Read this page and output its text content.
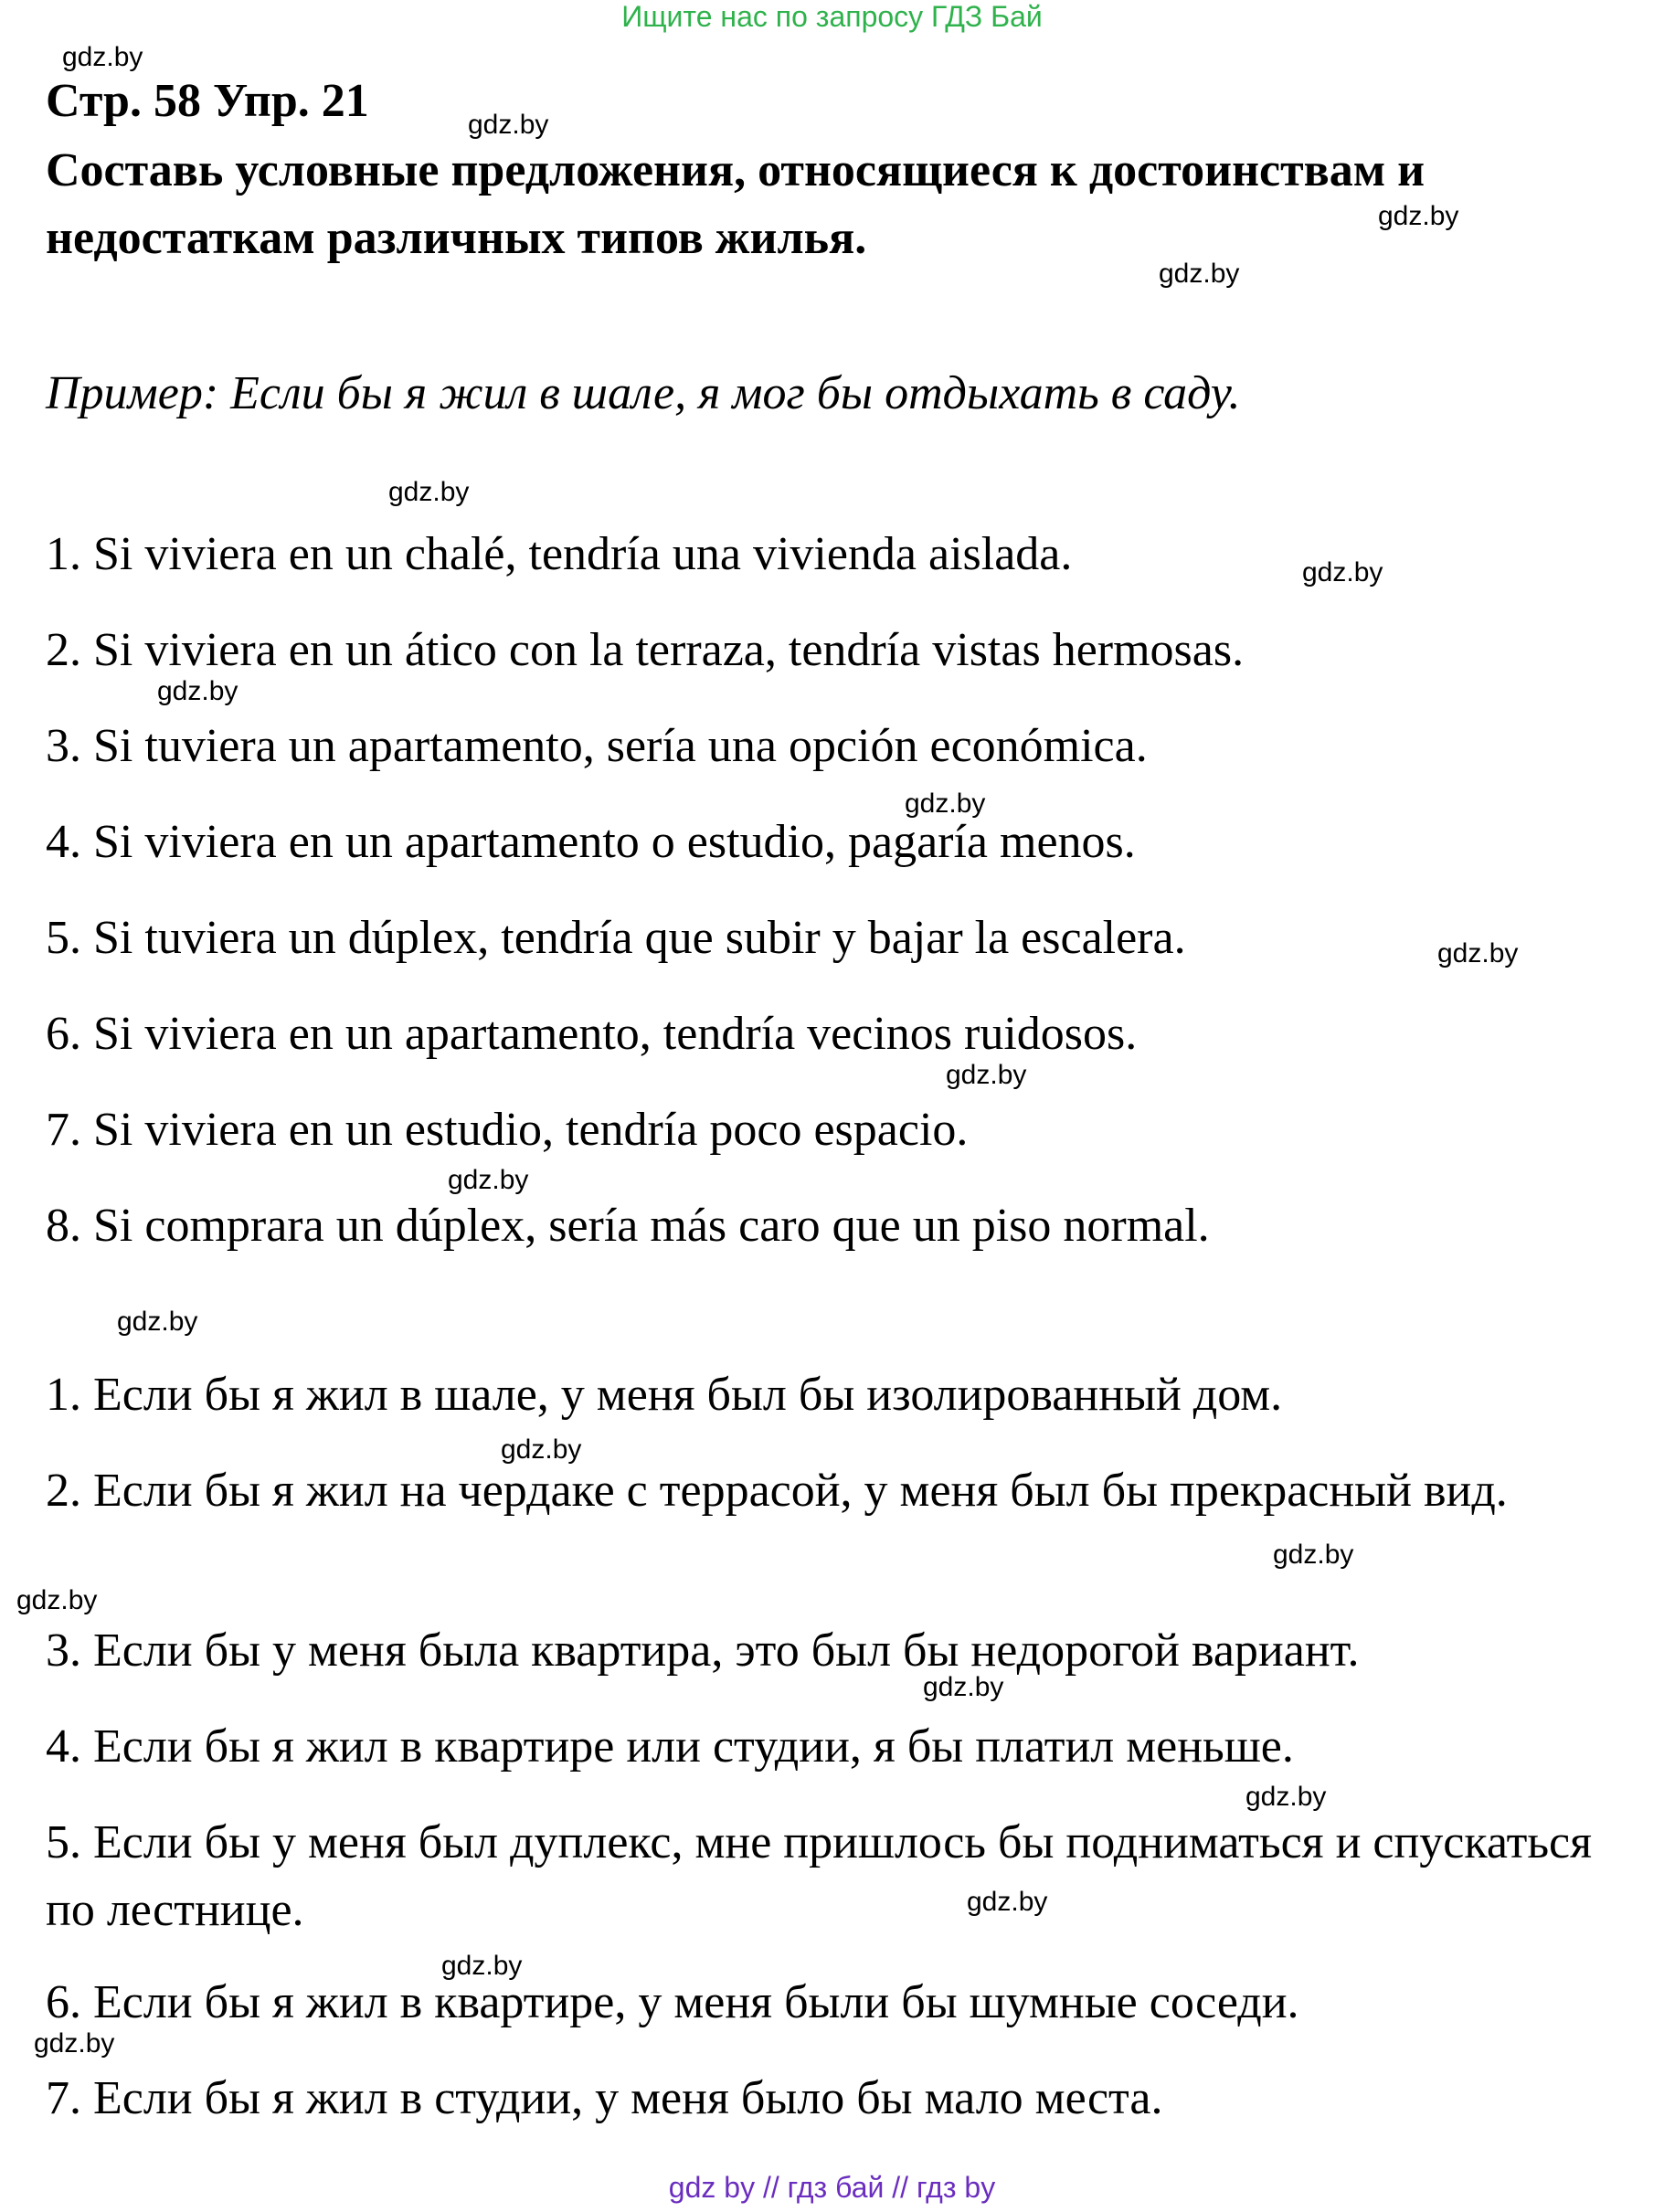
Ищите нас по запросу ГДЗ Бай
Стр. 58 Упр. 21

Составь условные предложения, относящиеся к достоинствам и недостаткам различных типов жилья.

Пример: Если бы я жил в шале, я мог бы отдыхать в саду.

1. Si viviera en un chalé, tendría una vivienda aislada.
2. Si viviera en un ático con la terraza, tendría vistas hermosas.
3. Si tuviera un apartamento, sería una opción económica.
4. Si viviera en un apartamento o estudio, pagaría menos.
5. Si tuviera un dúplex, tendría que subir y bajar la escalera.
6. Si viviera en un apartamento, tendría vecinos ruidosos.
7. Si viviera en un estudio, tendría poco espacio.
8. Si comprara un dúplex, sería más caro que un piso normal.
1. Если бы я жил в шале, у меня был бы изолированный дом.
2. Если бы я жил на чердаке с террасой, у меня был бы прекрасный вид.
3. Если бы у меня была квартира, это был бы недорогой вариант.
4. Если бы я жил в квартире или студии, я бы платил меньше.
5. Если бы у меня был дуплекс, мне пришлось бы подниматься и спускаться по лестнице.
6. Если бы я жил в квартире, у меня были бы шумные соседи.
7. Если бы я жил в студии, у меня было бы мало места.
gdz.by
gdz.by
gdz.by
gdz.by
gdz.by
gdz.by
gdz.by
gdz.by
gdz.by
gdz.by
gdz.by
gdz.by
gdz.by
gdz.by
gdz.by
gdz.by
gdz.by
gdz.by
gdz.by
gdz.by
gdz by // гдз бай // гдз by
